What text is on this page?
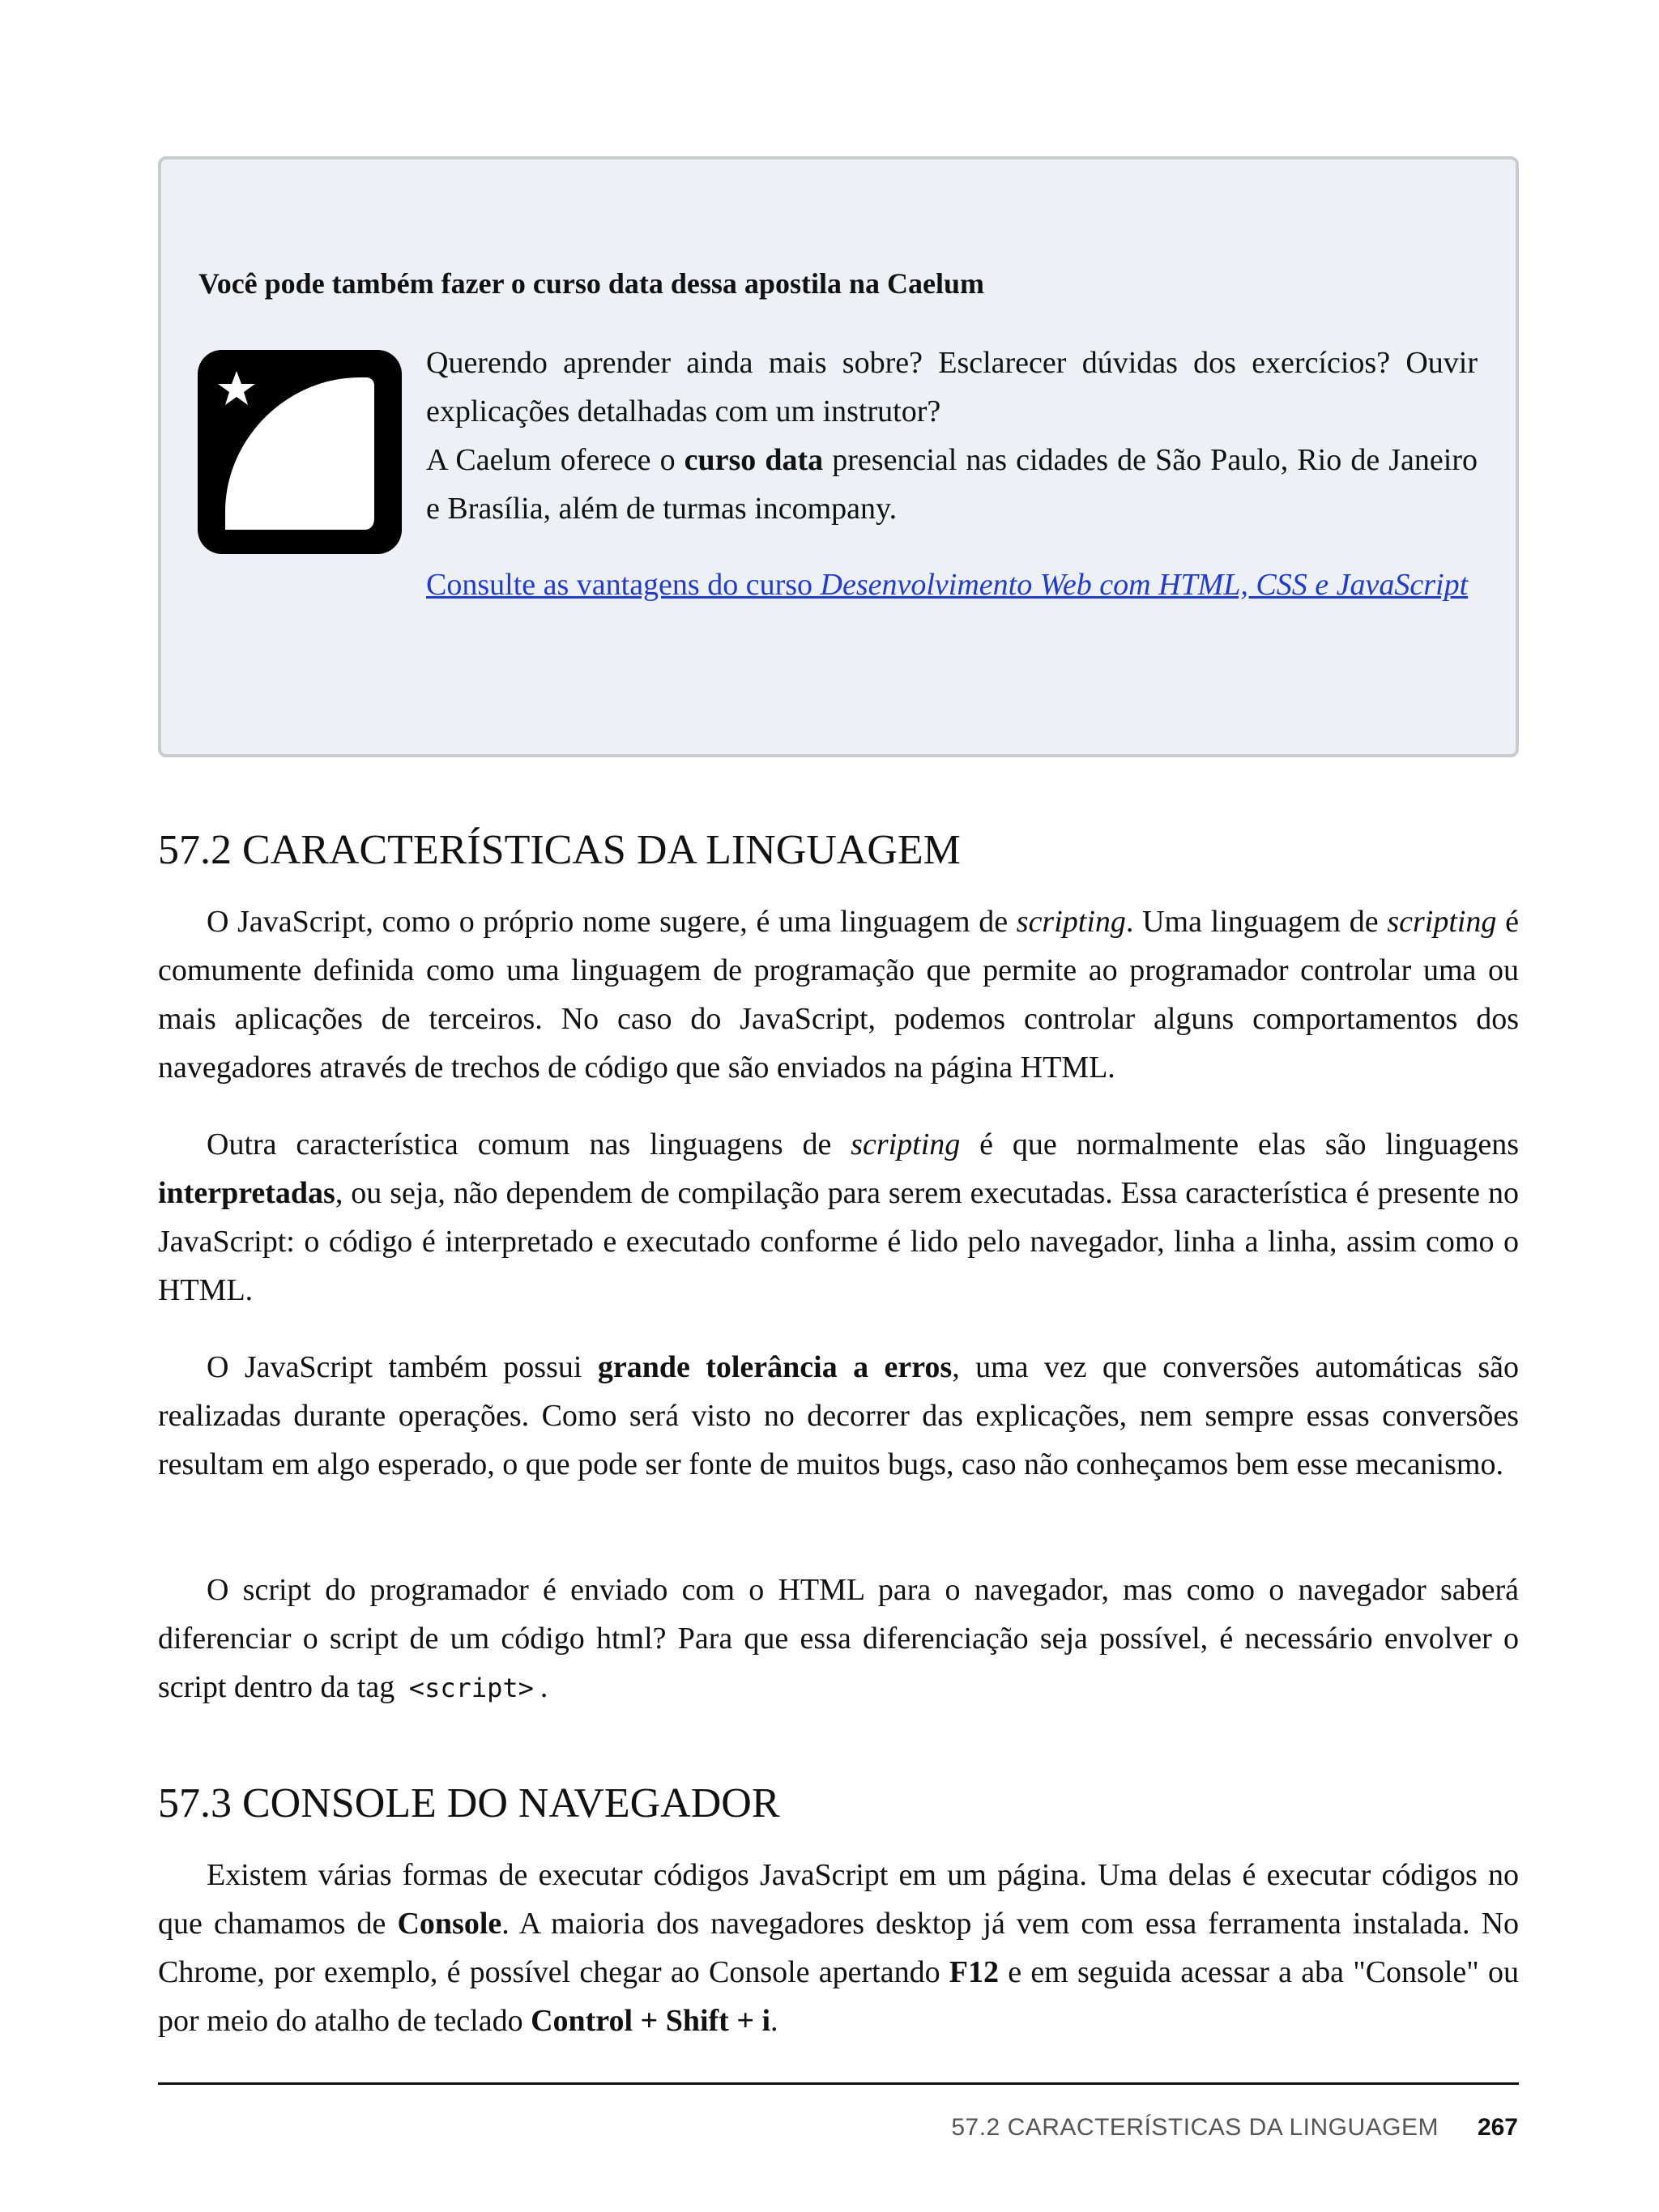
Você pode também fazer o curso data dessa apostila na Caelum

Querendo aprender ainda mais sobre? Esclarecer dúvidas dos exercícios? Ouvir explicações detalhadas com um instrutor?

A Caelum oferece o curso data presencial nas cidades de São Paulo, Rio de Janeiro e Brasília, além de turmas incompany.

Consulte as vantagens do curso Desenvolvimento Web com HTML, CSS e JavaScript

57.2 CARACTERÍSTICAS DA LINGUAGEM

O JavaScript, como o próprio nome sugere, é uma linguagem de scripting. Uma linguagem de scripting é comumente definida como uma linguagem de programação que permite ao programador controlar uma ou mais aplicações de terceiros. No caso do JavaScript, podemos controlar alguns comportamentos dos navegadores através de trechos de código que são enviados na página HTML.

Outra característica comum nas linguagens de scripting é que normalmente elas são linguagens interpretadas, ou seja, não dependem de compilação para serem executadas. Essa característica é presente no JavaScript: o código é interpretado e executado conforme é lido pelo navegador, linha a linha, assim como o HTML.

O JavaScript também possui grande tolerância a erros, uma vez que conversões automáticas são realizadas durante operações. Como será visto no decorrer das explicações, nem sempre essas conversões resultam em algo esperado, o que pode ser fonte de muitos bugs, caso não conheçamos bem esse mecanismo.

O script do programador é enviado com o HTML para o navegador, mas como o navegador saberá diferenciar o script de um código html? Para que essa diferenciação seja possível, é necessário envolver o script dentro da tag <script> .

57.3 CONSOLE DO NAVEGADOR

Existem várias formas de executar códigos JavaScript em um página. Uma delas é executar códigos no que chamamos de Console. A maioria dos navegadores desktop já vem com essa ferramenta instalada. No Chrome, por exemplo, é possível chegar ao Console apertando F12 e em seguida acessar a aba "Console" ou por meio do atalho de teclado Control + Shift + i.

57.2 CARACTERÍSTICAS DA LINGUAGEM 267
